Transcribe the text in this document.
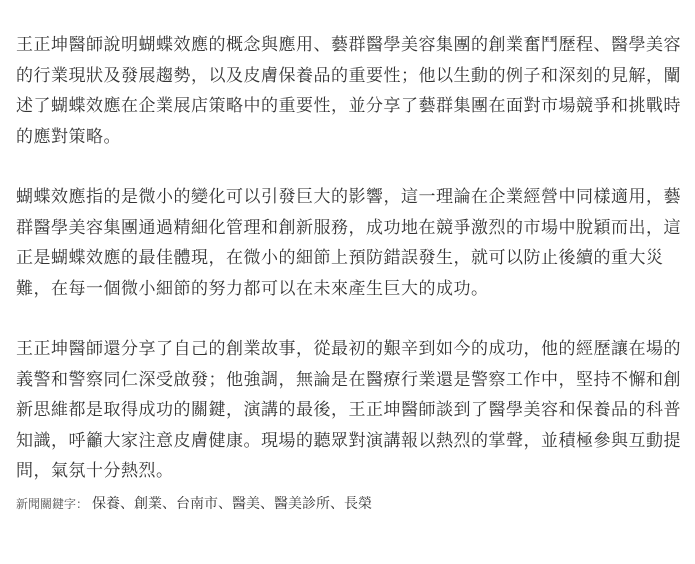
王正坤醫師說明蝴蝶效應的概念與應用、藝群醫學美容集團的創業奮鬥歷程、醫學美容的行業現狀及發展趨勢，以及皮膚保養品的重要性；他以生動的例子和深刻的見解，闡述了蝴蝶效應在企業展店策略中的重要性，並分享了藝群集團在面對市場競爭和挑戰時的應對策略。

蝴蝶效應指的是微小的變化可以引發巨大的影響，這一理論在企業經營中同樣適用，藝群醫學美容集團通過精細化管理和創新服務，成功地在競爭激烈的市場中脫穎而出，這正是蝴蝶效應的最佳體現，在微小的細節上預防錯誤發生，就可以防止後續的重大災難，在每一個微小細節的努力都可以在未來產生巨大的成功。

王正坤醫師還分享了自己的創業故事，從最初的艱辛到如今的成功，他的經歷讓在場的義警和警察同仁深受啟發；他強調，無論是在醫療行業還是警察工作中，堅持不懈和創新思維都是取得成功的關鍵，演講的最後，王正坤醫師談到了醫學美容和保養品的科普知識，呼籲大家注意皮膚健康。現場的聽眾對演講報以熱烈的掌聲，並積極參與互動提問，氣氛十分熱烈。

新聞關鍵字： 保養、創業、台南市、醫美、醫美診所、長榮
